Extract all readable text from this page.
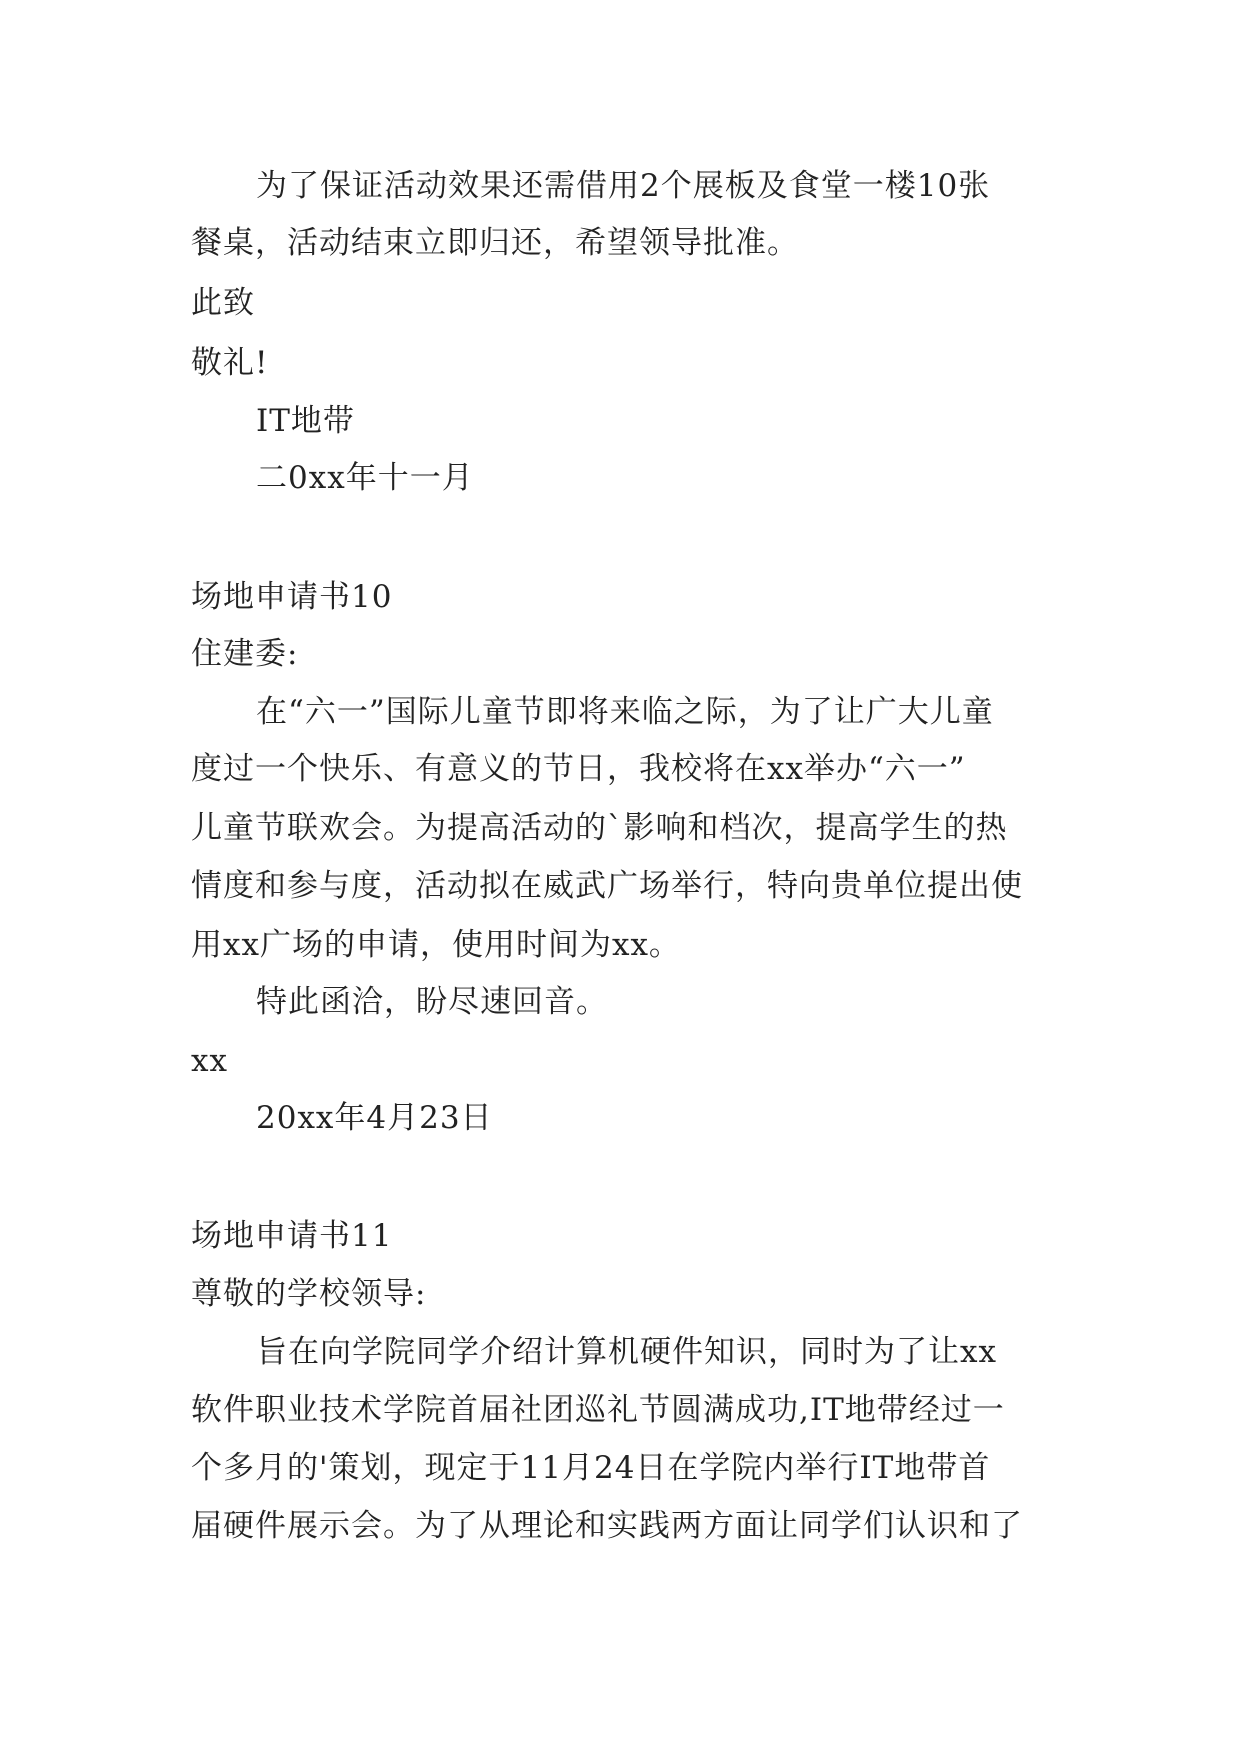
为了保证活动效果还需借用2个展板及食堂一楼10张
餐桌，活动结束立即归还，希望领导批准。
此致
敬礼!
IT地带
二0xx年十一月
场地申请书10
住建委:
在“六一”国际儿童节即将来临之际，为了让广大儿童
度过一个快乐、有意义的节日，我校将在xx举办“六一”
儿童节联欢会。为提高活动的`影响和档次，提高学生的热
情度和参与度，活动拟在威武广场举行，特向贵单位提出使
用xx广场的申请，使用时间为xx。
特此函洽，盼尽速回音。
xx
20xx年4月23日
场地申请书11
尊敬的学校领导:
旨在向学院同学介绍计算机硬件知识，同时为了让xx
软件职业技术学院首届社团巡礼节圆满成功,IT地带经过一
个多月的'策划，现定于11月24日在学院内举行IT地带首
届硬件展示会。为了从理论和实践两方面让同学们认识和了
